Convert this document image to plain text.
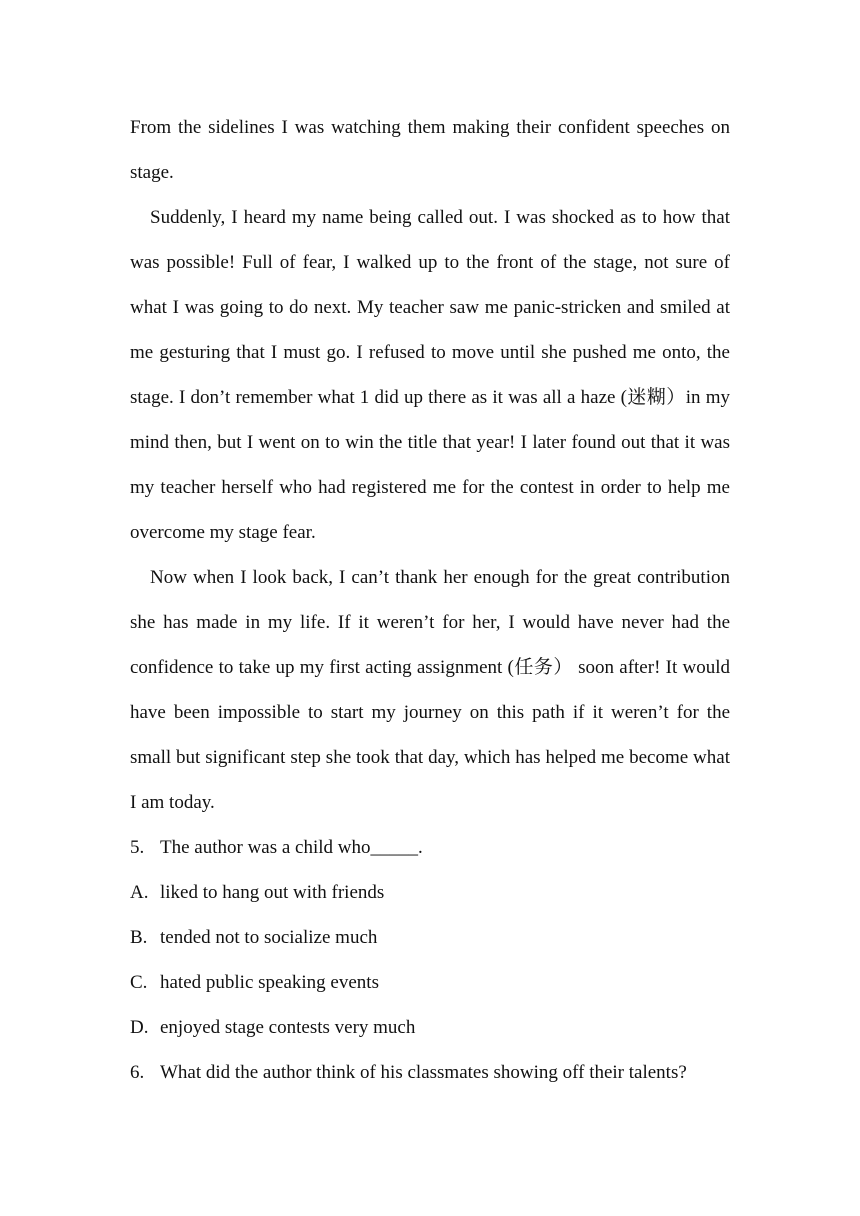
From the sidelines I was watching them making their confident speeches on stage.

Suddenly, I heard my name being called out. I was shocked as to how that was possible! Full of fear, I walked up to the front of the stage, not sure of what I was going to do next. My teacher saw me panic-stricken and smiled at me gesturing that I must go. I refused to move until she pushed me onto, the stage. I don’t remember what 1 did up there as it was all a haze (迷糊）in my mind then, but I went on to win the title that year! I later found out that it was my teacher herself who had registered me for the contest in order to help me overcome my stage fear.

Now when I look back, I can’t thank her enough for the great contribution she has made in my life. If it weren’t for her, I would have never had the confidence to take up my first acting assignment (任务） soon after! It would have been impossible to start my journey on this path if it weren’t for the small but significant step she took that day, which has helped me become what I am today.

5. The author was a child who_____.
A. liked to hang out with friends
B. tended not to socialize much
C. hated public speaking events
D. enjoyed stage contests very much
6. What did the author think of his classmates showing off their talents?
